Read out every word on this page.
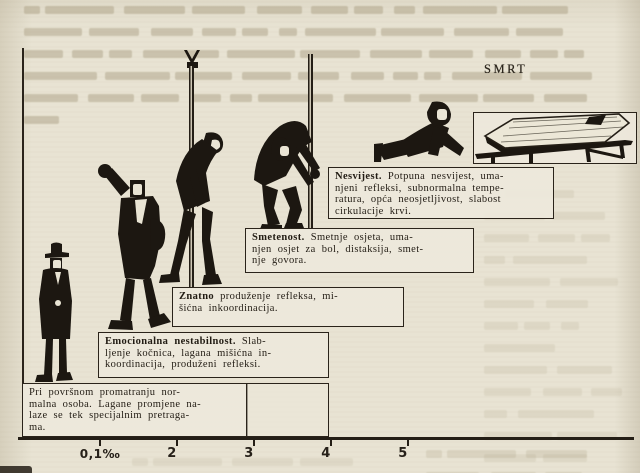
SMRT
Nesvijest. Potpuna nesvijest, uma-
njeni refleksi, subnormalna tempe-
ratura, opća neosjetljivost, slabost
cirkulacije krvi.
Smetenost. Smetnje osjeta, uma-
njen osjet za bol, distaksija, smet-
nje govora.
Znatno produženje refleksa, mi-
šićna inkoordinacija.
Emocionalna nestabilnost. Slab-
ljenje kočnica, lagana mišićna in-
koordinacija, produženi refleksi.
Pri površnom promatranju nor-
malna osoba. Lagane promjene na-
laze se tek specijalnim pretraga-
ma.
0,1‰	2	3	4	5
